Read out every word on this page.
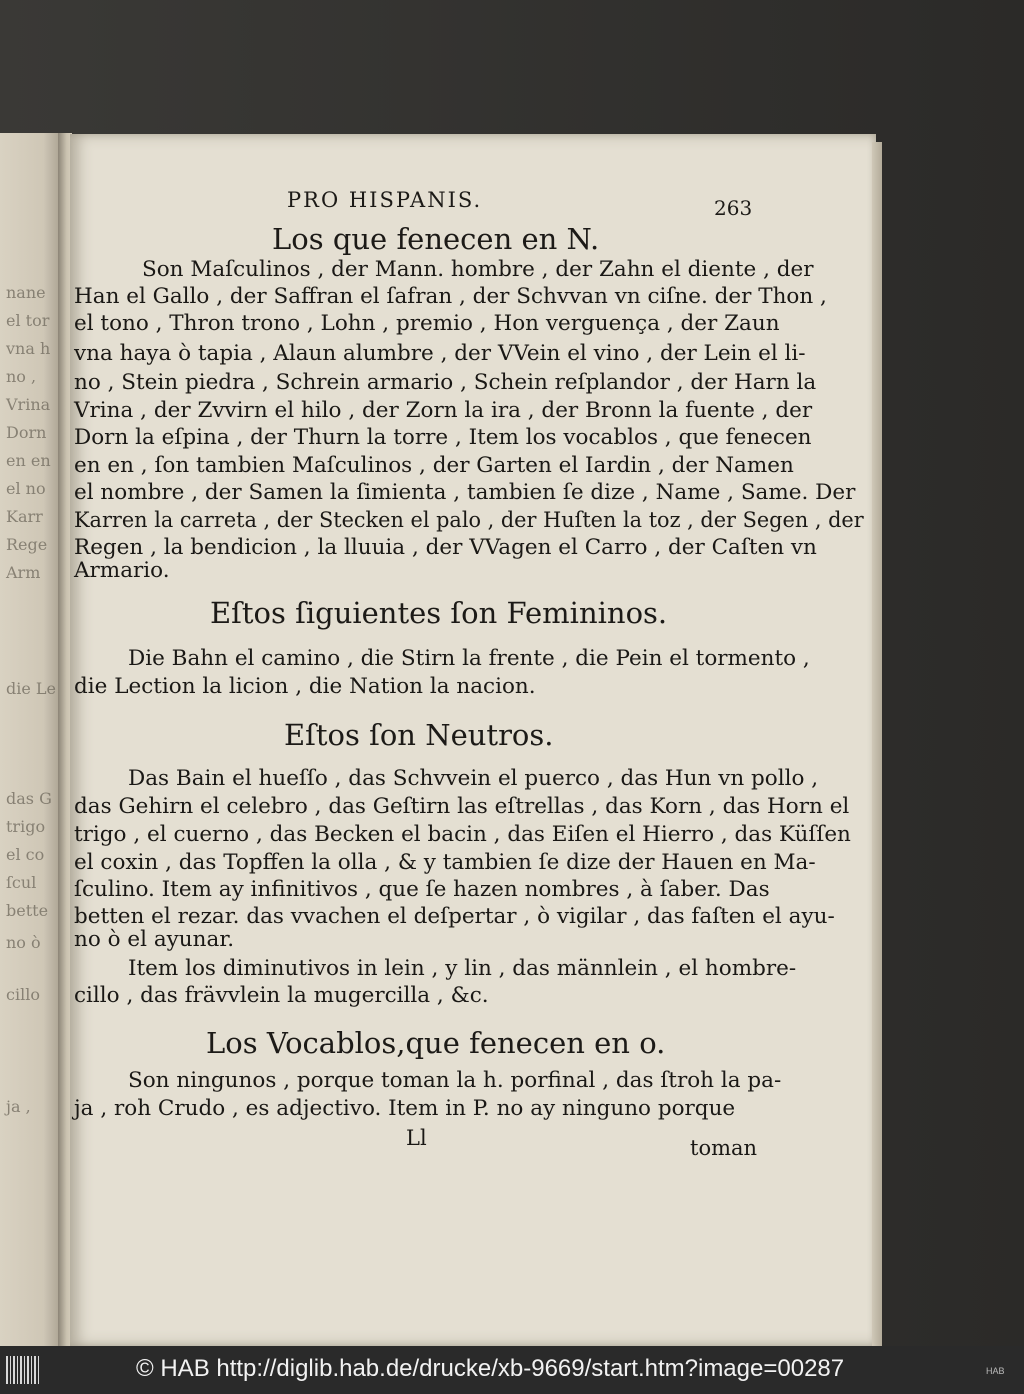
nane
el tor
vna h
no ,
Vrina
Dorn
en en
el no
Karr
Rege
Arm
die Le
das G
trigo
el co
ſcul
bette
no ò
cillo
ja ,
PRO HISPANIS.	263
Los que fenecen en N.
Son Maſculinos , der Mann. hombre , der Zahn el diente , der
Han el Gallo , der Saffran el ſafran , der Schvvan vn ciſne. der Thon ,
el tono , Thron trono , Lohn , premio , Hon verguença , der Zaun
vna haya ò tapia , Alaun alumbre , der VVein el vino , der Lein el li-
no , Stein piedra , Schrein armario , Schein reſplandor , der Harn la
Vrina , der Zvvirn el hilo , der Zorn la ira , der Bronn la fuente , der
Dorn la eſpina , der Thurn la torre , Item los vocablos , que fenecen
en en , ſon tambien Maſculinos , der Garten el Iardin , der Namen
el nombre , der Samen la ſimienta , tambien ſe dize , Name , Same. Der
Karren la carreta , der Stecken el palo , der Huſten la toz , der Segen , der
Regen , la bendicion , la lluuia , der VVagen el Carro , der Caſten vn
Armario.
Eſtos ſiguientes ſon Femininos.
Die Bahn el camino , die Stirn la frente , die Pein el tormento ,
die Lection la licion , die Nation la nacion.
Eſtos ſon Neutros.
Das Bain el hueſſo , das Schvvein el puerco , das Hun vn pollo ,
das Gehirn el celebro , das Geſtirn las eſtrellas , das Korn , das Horn el
trigo , el cuerno , das Becken el bacin , das Eiſen el Hierro , das Küſſen
el coxin , das Topffen la olla , & y tambien ſe dize der Hauen en Ma-
ſculino. Item ay infinitivos , que ſe hazen nombres , à ſaber. Das
betten el rezar. das vvachen el deſpertar , ò vigilar , das faſten el ayu-
no ò el ayunar.
Item los diminutivos in lein , y lin , das männlein , el hombre-
cillo , das frävvlein la mugercilla , &c.
Los Vocablos,que fenecen en o.
Son ningunos , porque toman la h. porfinal , das ſtroh la pa-
ja , roh Crudo , es adjectivo. Item in P. no ay ninguno porque
Ll	toman
© HAB http://diglib.hab.de/drucke/xb-9669/start.htm?image=00287	HAB
